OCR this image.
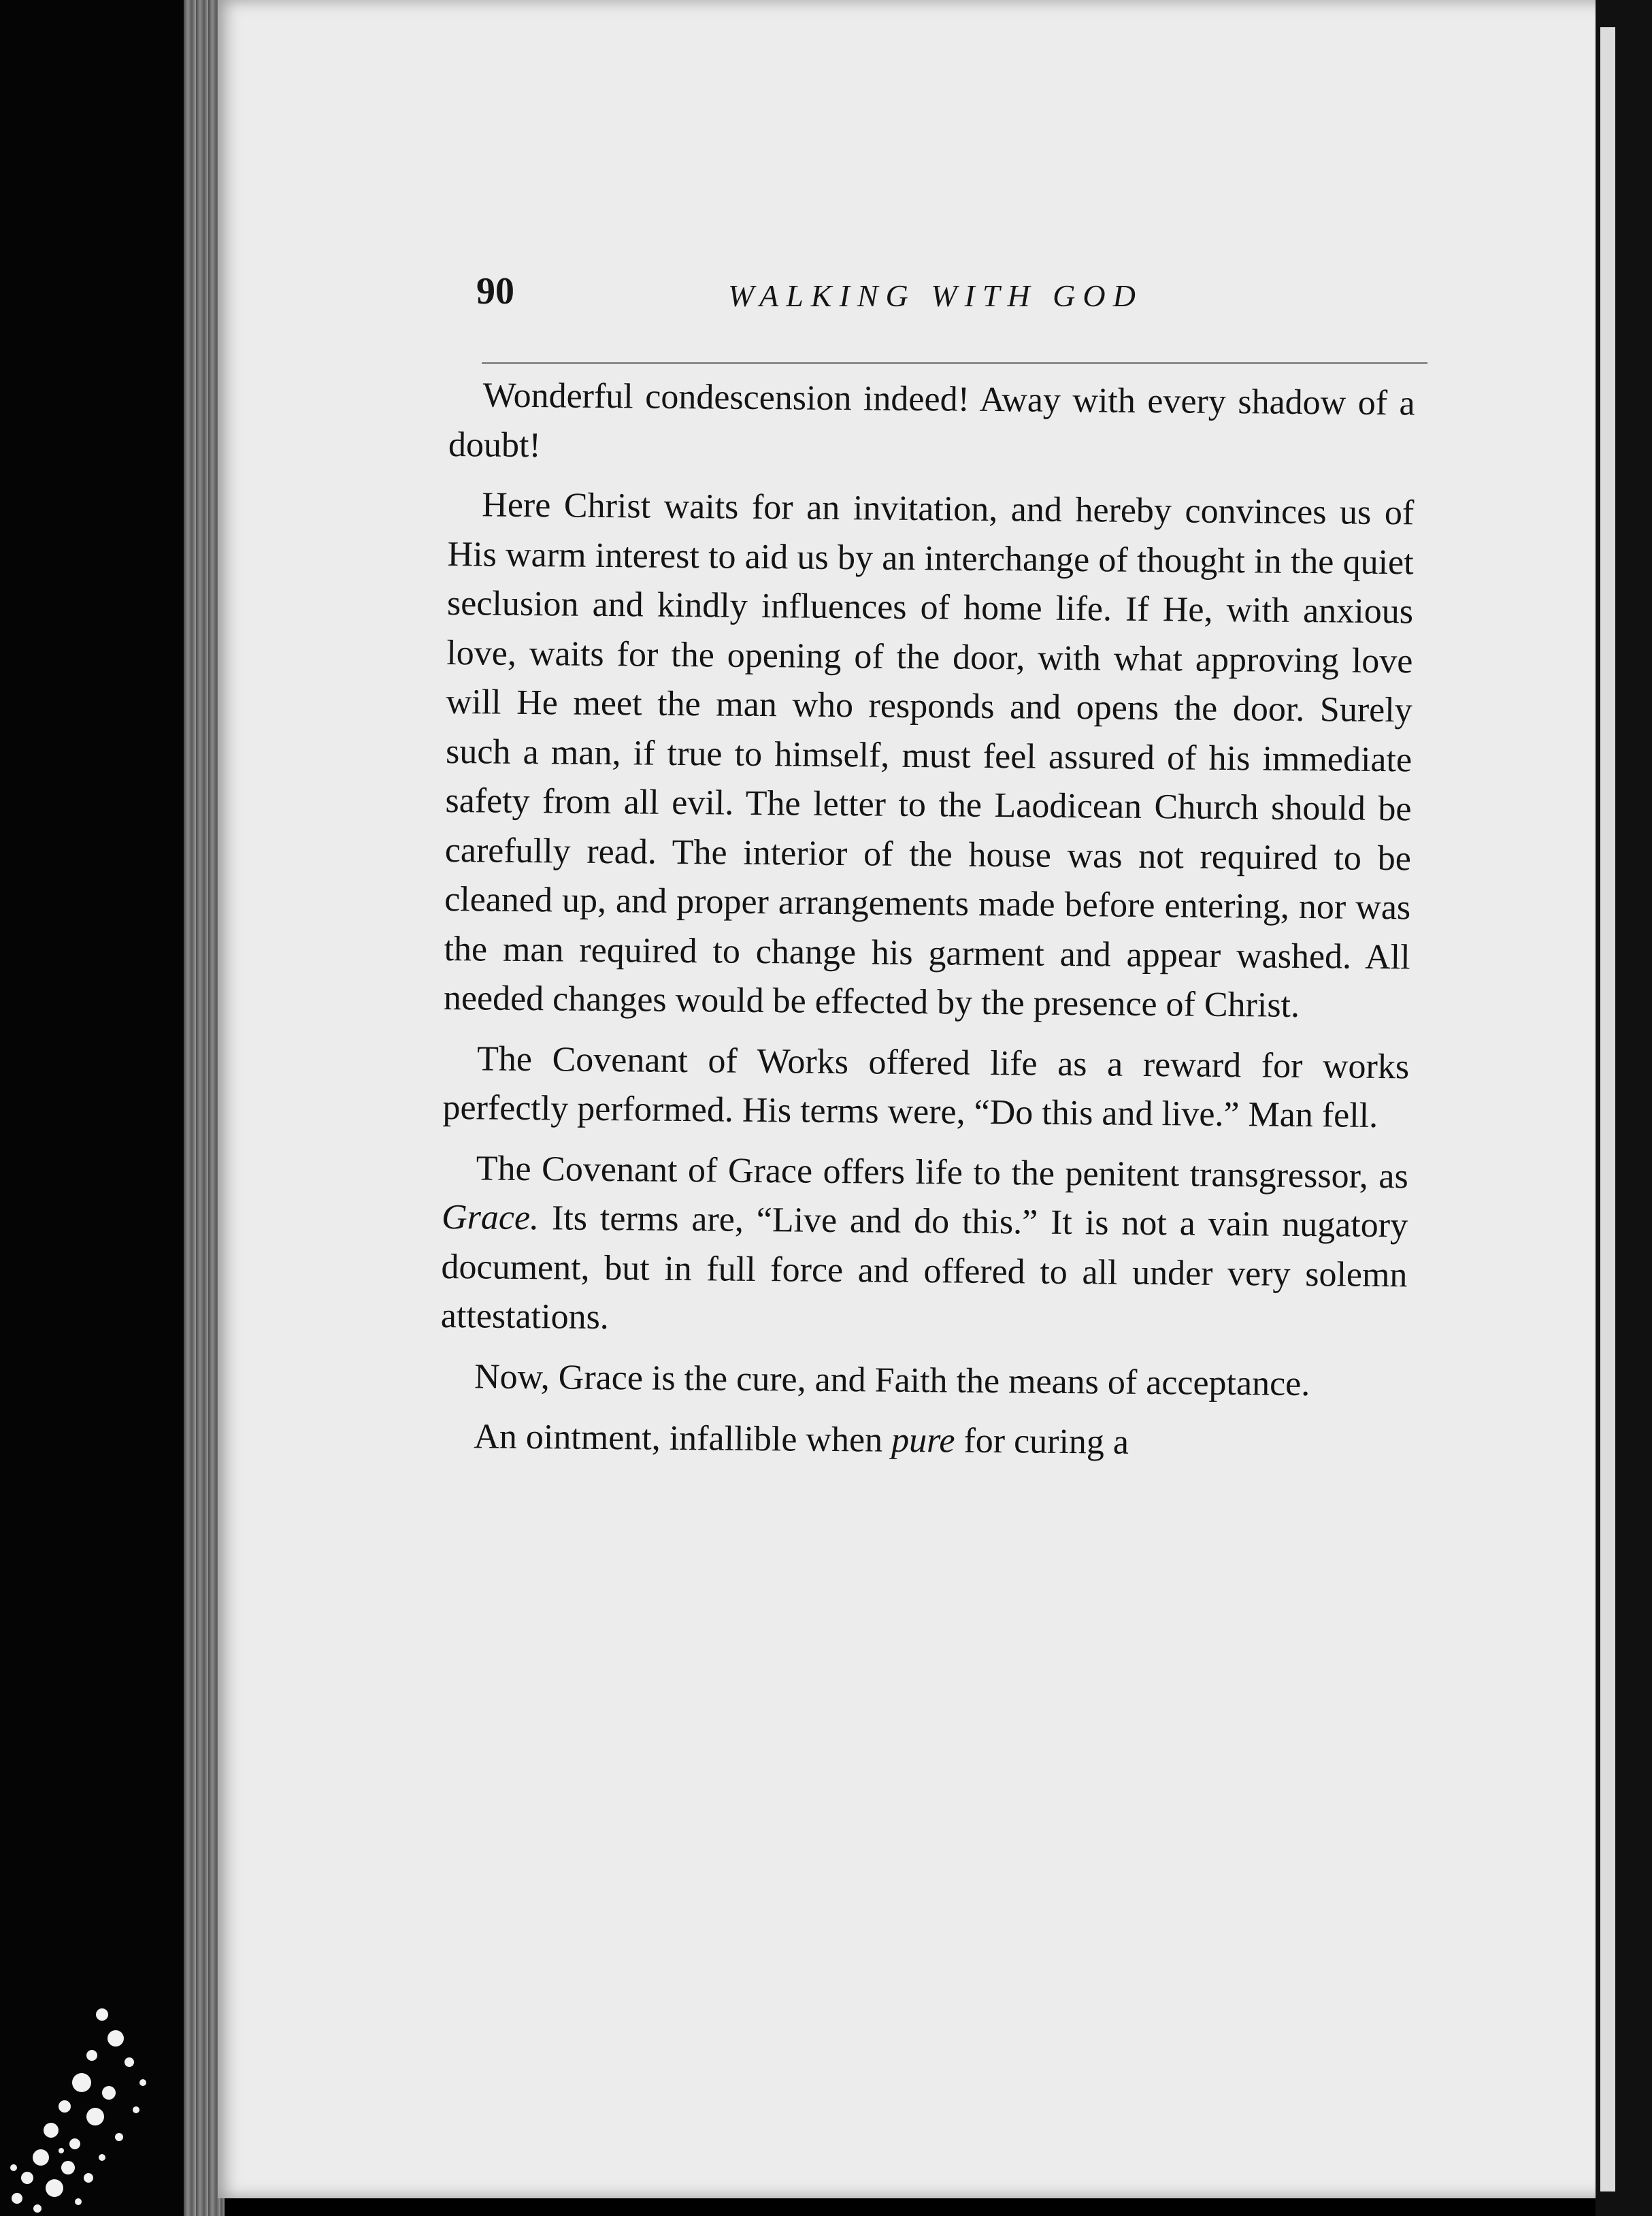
90	WALKING WITH GOD

Wonderful condescension indeed! Away with every shadow of a doubt!

Here Christ waits for an invitation, and hereby convinces us of His warm interest to aid us by an interchange of thought in the quiet seclusion and kindly influences of home life. If He, with anxious love, waits for the opening of the door, with what approving love will He meet the man who responds and opens the door. Surely such a man, if true to himself, must feel assured of his immediate safety from all evil. The letter to the Laodicean Church should be carefully read. The interior of the house was not required to be cleaned up, and proper arrangements made before entering, nor was the man required to change his garment and appear washed. All needed changes would be effected by the presence of Christ.

The Covenant of Works offered life as a reward for works perfectly performed. His terms were, “Do this and live.” Man fell.

The Covenant of Grace offers life to the penitent transgressor, as Grace. Its terms are, “Live and do this.” It is not a vain nugatory document, but in full force and offered to all under very solemn attestations.

Now, Grace is the cure, and Faith the means of acceptance.

An ointment, infallible when pure for curing a
